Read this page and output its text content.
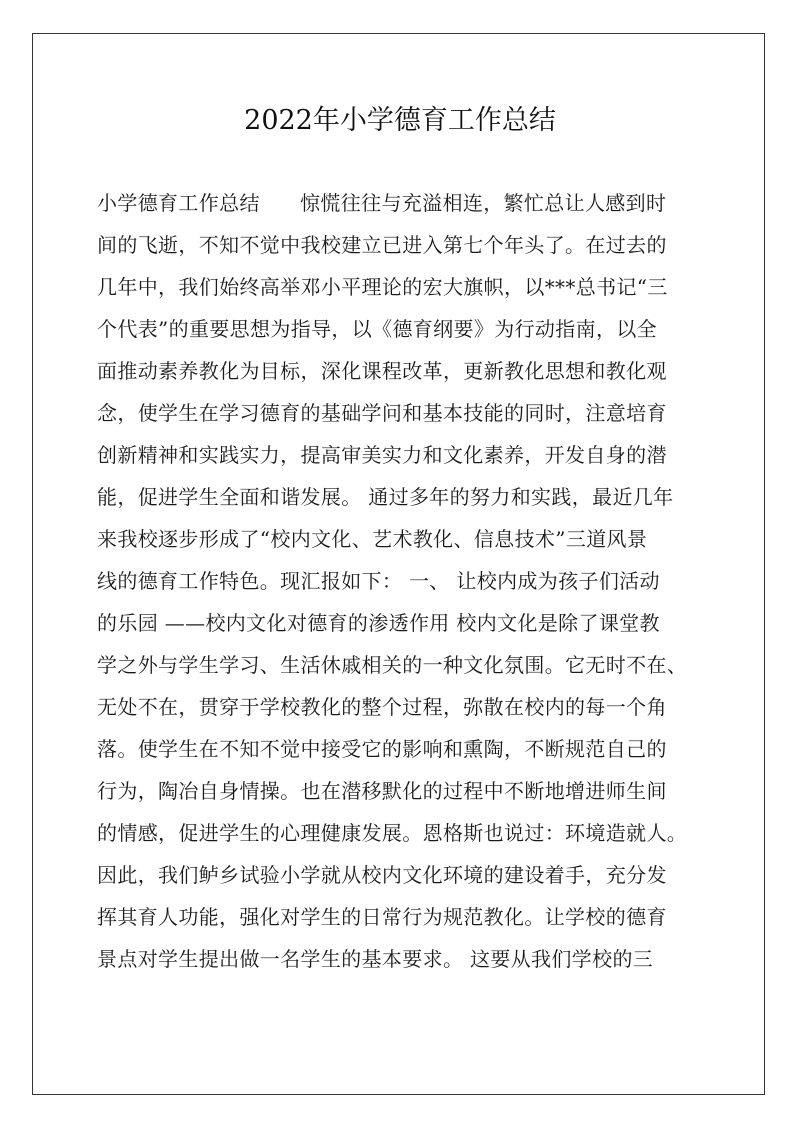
2022年小学德育工作总结
小学德育工作总结      惊慌往往与充溢相连，繁忙总让人感到时
间的飞逝，不知不觉中我校建立已进入第七个年头了。在过去的
几年中，我们始终高举邓小平理论的宏大旗帜，以***总书记“三
个代表”的重要思想为指导，以《德育纲要》为行动指南，以全
面推动素养教化为目标，深化课程改革，更新教化思想和教化观
念，使学生在学习德育的基础学问和基本技能的同时，注意培育
创新精神和实践实力，提高审美实力和文化素养，开发自身的潜
能，促进学生全面和谐发展。 通过多年的努力和实践，最近几年
来我校逐步形成了“校内文化、艺术教化、信息技术”三道风景
线的德育工作特色。现汇报如下： 一、 让校内成为孩子们活动
的乐园 ——校内文化对德育的渗透作用 校内文化是除了课堂教
学之外与学生学习、生活休戚相关的一种文化氛围。它无时不在、
无处不在，贯穿于学校教化的整个过程，弥散在校内的每一个角
落。使学生在不知不觉中接受它的影响和熏陶，不断规范自己的
行为，陶冶自身情操。也在潜移默化的过程中不断地增进师生间
的情感，促进学生的心理健康发展。恩格斯也说过：环境造就人。
因此，我们鲈乡试验小学就从校内文化环境的建设着手，充分发
挥其育人功能，强化对学生的日常行为规范教化。让学校的德育
景点对学生提出做一名学生的基本要求。 这要从我们学校的三
